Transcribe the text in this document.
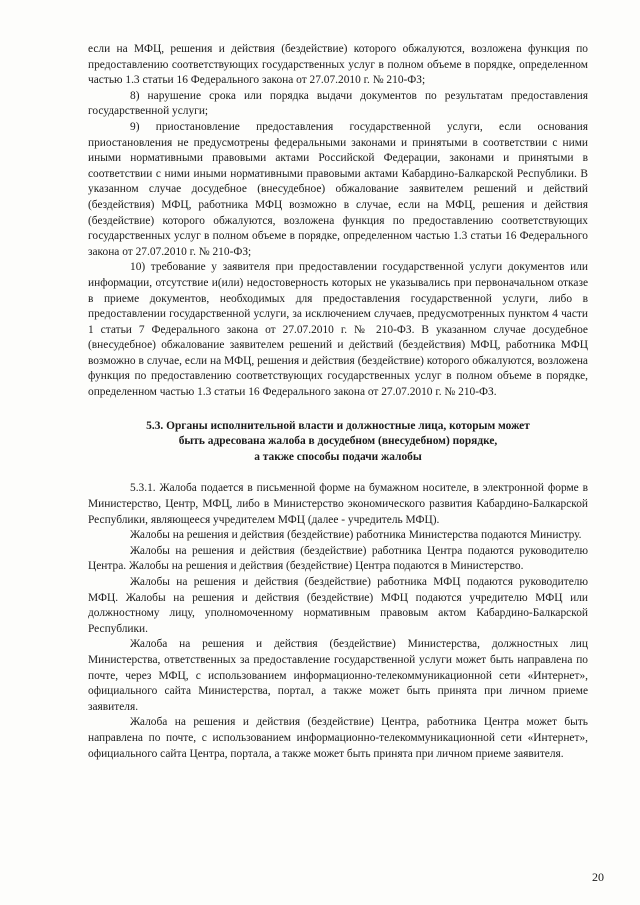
если на МФЦ, решения и действия (бездействие) которого обжалуются, возложена функция по предоставлению соответствующих государственных услуг в полном объеме в порядке, определенном частью 1.3 статьи 16 Федерального закона от 27.07.2010 г. № 210-ФЗ;

8) нарушение срока или порядка выдачи документов по результатам предоставления государственной услуги;

9) приостановление предоставления государственной услуги, если основания приостановления не предусмотрены федеральными законами и принятыми в соответствии с ними иными нормативными правовыми актами Российской Федерации, законами и принятыми в соответствии с ними иными нормативными правовыми актами Кабардино-Балкарской Республики. В указанном случае досудебное (внесудебное) обжалование заявителем решений и действий (бездействия) МФЦ, работника МФЦ возможно в случае, если на МФЦ, решения и действия (бездействие) которого обжалуются, возложена функция по предоставлению соответствующих государственных услуг в полном объеме в порядке, определенном частью 1.3 статьи 16 Федерального закона от 27.07.2010 г. № 210-ФЗ;

10) требование у заявителя при предоставлении государственной услуги документов или информации, отсутствие и(или) недостоверность которых не указывались при первоначальном отказе в приеме документов, необходимых для предоставления государственной услуги, либо в предоставлении государственной услуги, за исключением случаев, предусмотренных пунктом 4 части 1 статьи 7 Федерального закона от 27.07.2010 г. № 210-ФЗ. В указанном случае досудебное (внесудебное) обжалование заявителем решений и действий (бездействия) МФЦ, работника МФЦ возможно в случае, если на МФЦ, решения и действия (бездействие) которого обжалуются, возложена функция по предоставлению соответствующих государственных услуг в полном объеме в порядке, определенном частью 1.3 статьи 16 Федерального закона от 27.07.2010 г. № 210-ФЗ.

5.3. Органы исполнительной власти и должностные лица, которым может
быть адресована жалоба в досудебном (внесудебном) порядке,
а также способы подачи жалобы

5.3.1. Жалоба подается в письменной форме на бумажном носителе, в электронной форме в Министерство, Центр, МФЦ, либо в Министерство экономического развития Кабардино-Балкарской Республики, являющееся учредителем МФЦ (далее - учредитель МФЦ).

Жалобы на решения и действия (бездействие) работника Министерства подаются Министру.

Жалобы на решения и действия (бездействие) работника Центра подаются руководителю Центра. Жалобы на решения и действия (бездействие) Центра подаются в Министерство.

Жалобы на решения и действия (бездействие) работника МФЦ подаются руководителю МФЦ. Жалобы на решения и действия (бездействие) МФЦ подаются учредителю МФЦ или должностному лицу, уполномоченному нормативным правовым актом Кабардино-Балкарской Республики.

Жалоба на решения и действия (бездействие) Министерства, должностных лиц Министерства, ответственных за предоставление государственной услуги может быть направлена по почте, через МФЦ, с использованием информационно-телекоммуникационной сети «Интернет», официального сайта Министерства, портал, а также может быть принята при личном приеме заявителя.

Жалоба на решения и действия (бездействие) Центра, работника Центра может быть направлена по почте, с использованием информационно-телекоммуникационной сети «Интернет», официального сайта Центра, портала, а также может быть принята при личном приеме заявителя.

20
